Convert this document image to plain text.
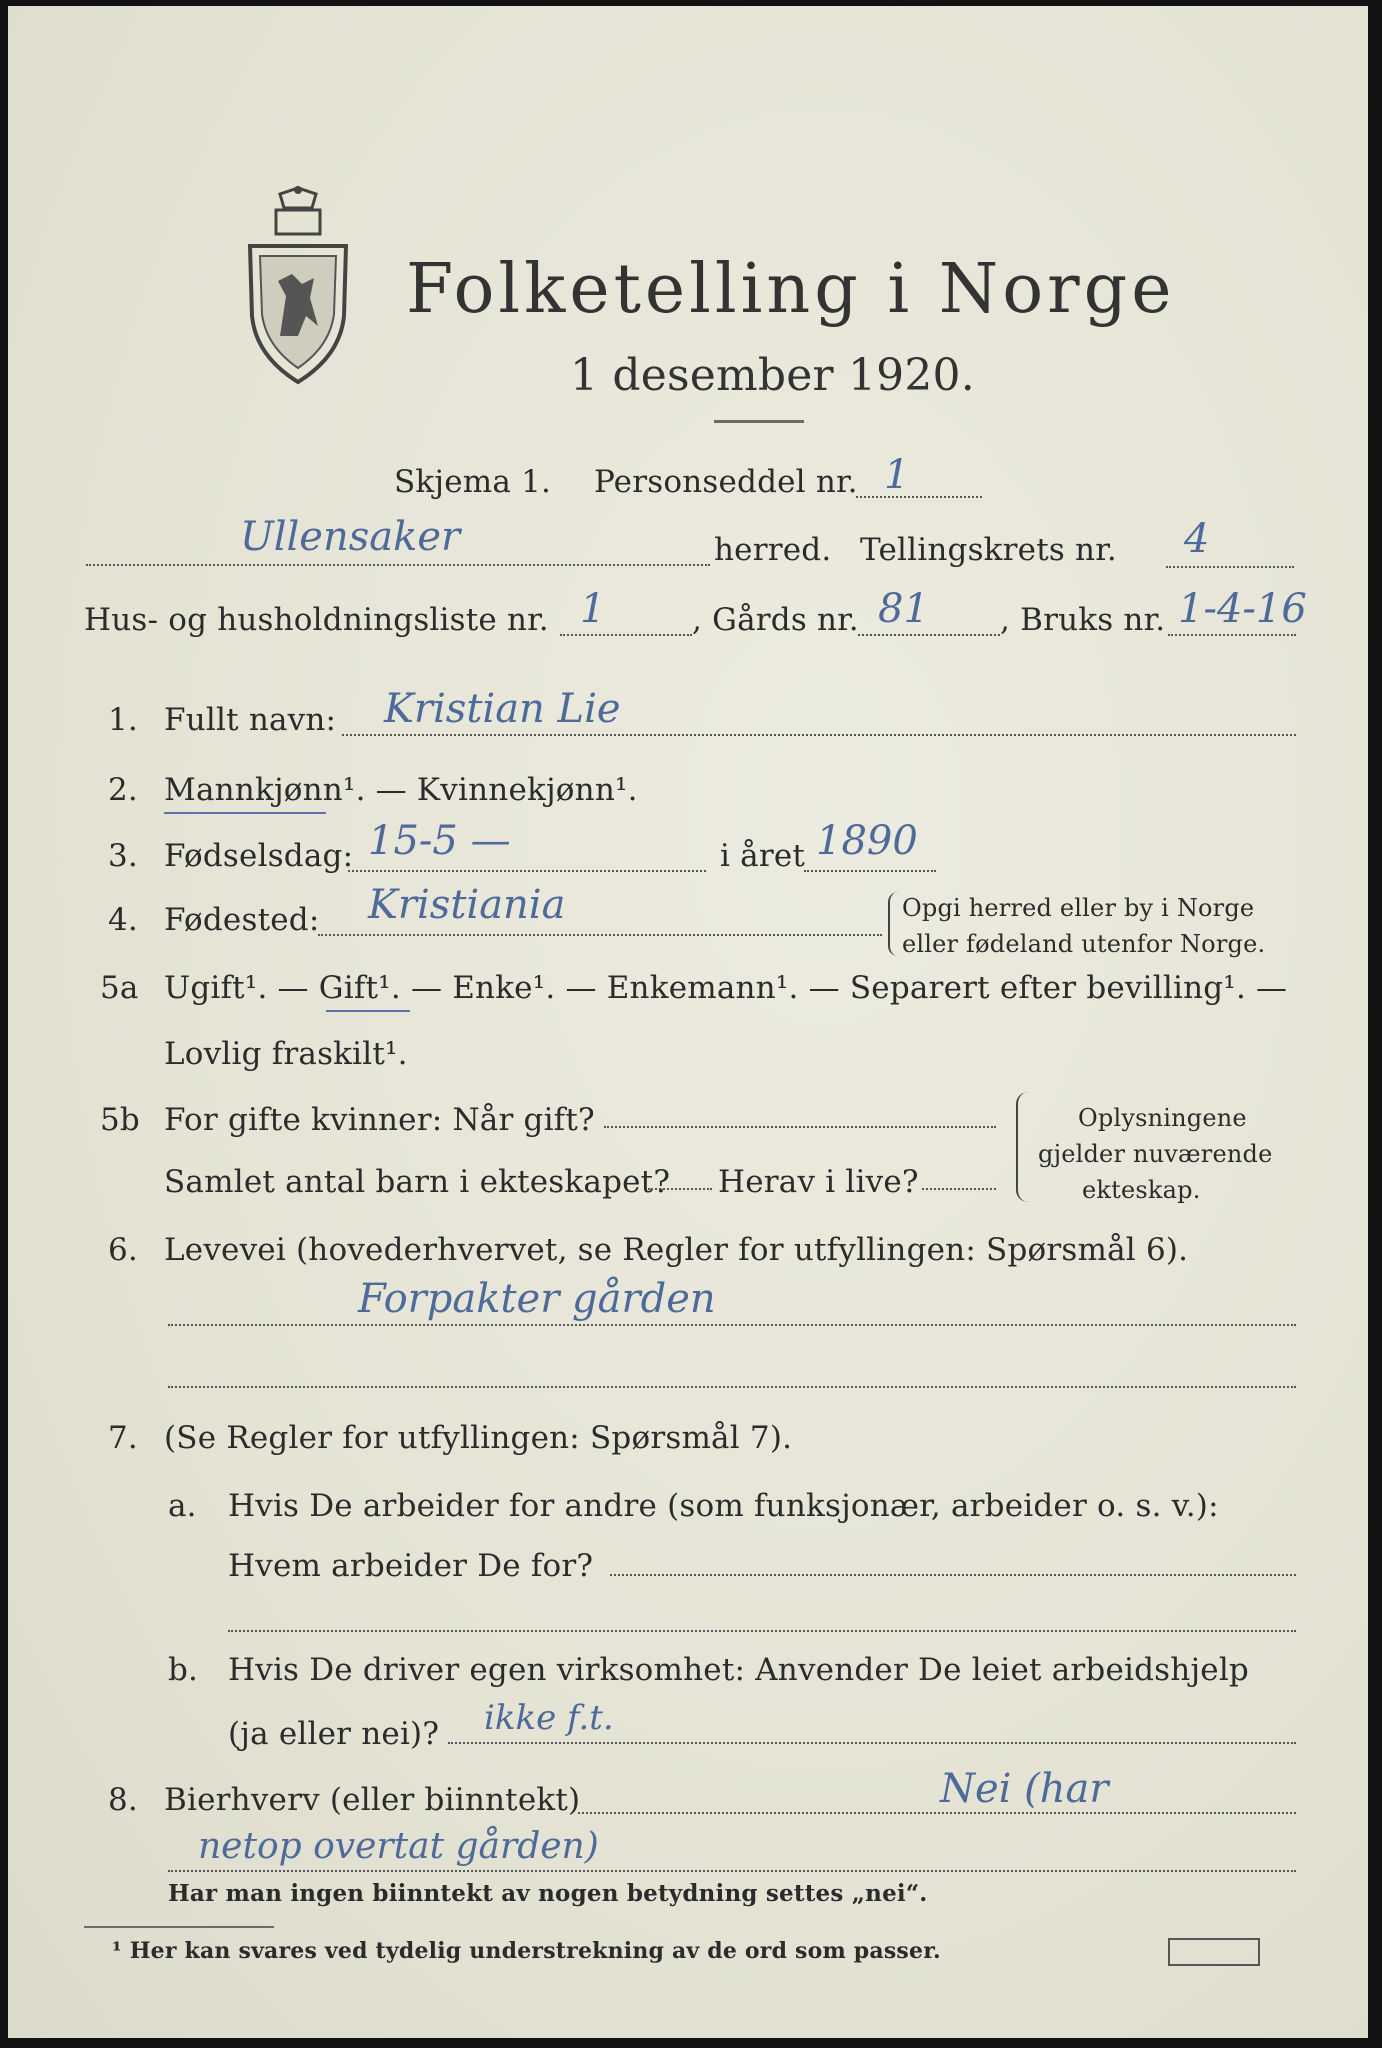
Folketelling i Norge
1 desember 1920.
Skjema 1. Personseddel nr. 1
Ullensaker	herred. Tellingskrets nr. 4
Hus- og husholdningsliste nr. 1	, Gårds nr. 81 , Bruks nr. 1-4-16
1. Fullt navn: Kristian Lie
2. Mannkjønn¹. — Kvinnekjønn¹.
3. Fødselsdag: 15-5 —	i året 1890
4. Fødested: Kristiania	Opgi herred eller by i Norge
eller fødeland utenfor Norge.
5a Ugift¹. — Gift¹. — Enke¹. — Enkemann¹. — Separert efter bevilling¹. —
Lovlig fraskilt¹.
5b For gifte kvinner: Når gift?
Samlet antal barn i ekteskapet? Herav i live?
Oplysningene
gjelder nuværende
ekteskap.
6. Levevei (hovederhvervet, se Regler for utfyllingen: Spørsmål 6).
Forpakter gården
7. (Se Regler for utfyllingen: Spørsmål 7).
a. Hvis De arbeider for andre (som funksjonær, arbeider o. s. v.):
Hvem arbeider De for?
b. Hvis De driver egen virksomhet: Anvender De leiet arbeidshjelp
(ja eller nei)? ikke f.t.
8. Bierhverv (eller biinntekt)	Nei (har
netop overtat gården)
Har man ingen biinntekt av nogen betydning settes „nei“.
¹ Her kan svares ved tydelig understrekning av de ord som passer.
